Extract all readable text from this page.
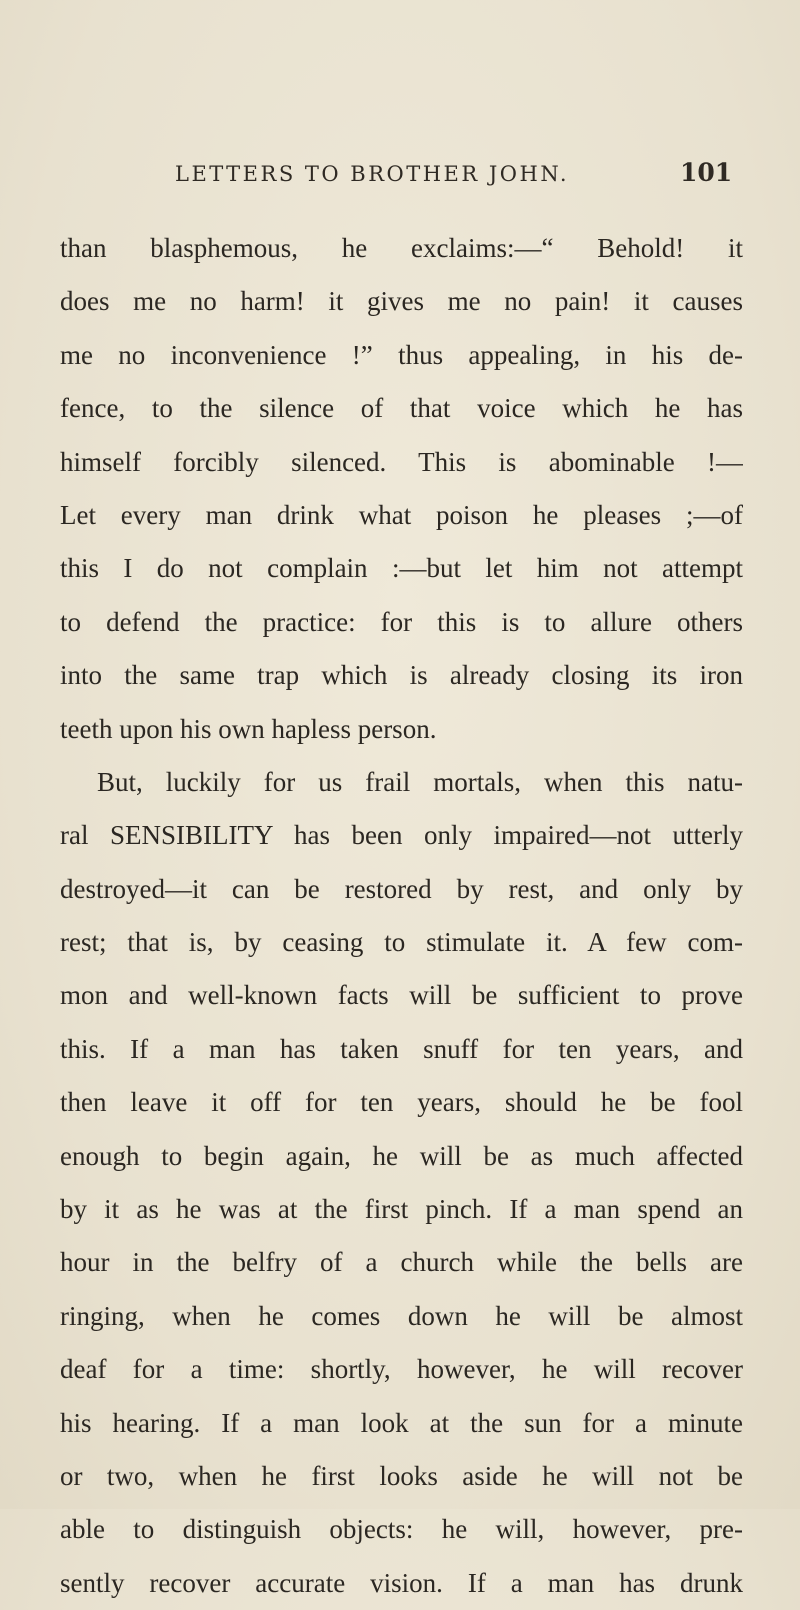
LETTERS TO BROTHER JOHN.	101
than blasphemous, he exclaims:—“ Behold! it
does me no harm! it gives me no pain! it causes
me no inconvenience !” thus appealing, in his de-
fence, to the silence of that voice which he has
himself forcibly silenced. This is abominable !—
Let every man drink what poison he pleases ;—of
this I do not complain :—but let him not attempt
to defend the practice: for this is to allure others
into the same trap which is already closing its iron
teeth upon his own hapless person.
But, luckily for us frail mortals, when this natu-
ral SENSIBILITY has been only impaired—not utterly
destroyed—it can be restored by rest, and only by
rest; that is, by ceasing to stimulate it. A few com-
mon and well-known facts will be sufficient to prove
this. If a man has taken snuff for ten years, and
then leave it off for ten years, should he be fool
enough to begin again, he will be as much affected
by it as he was at the first pinch. If a man spend an
hour in the belfry of a church while the bells are
ringing, when he comes down he will be almost
deaf for a time: shortly, however, he will recover
his hearing. If a man look at the sun for a minute
or two, when he first looks aside he will not be
able to distinguish objects: he will, however, pre-
sently recover accurate vision. If a man has drunk
